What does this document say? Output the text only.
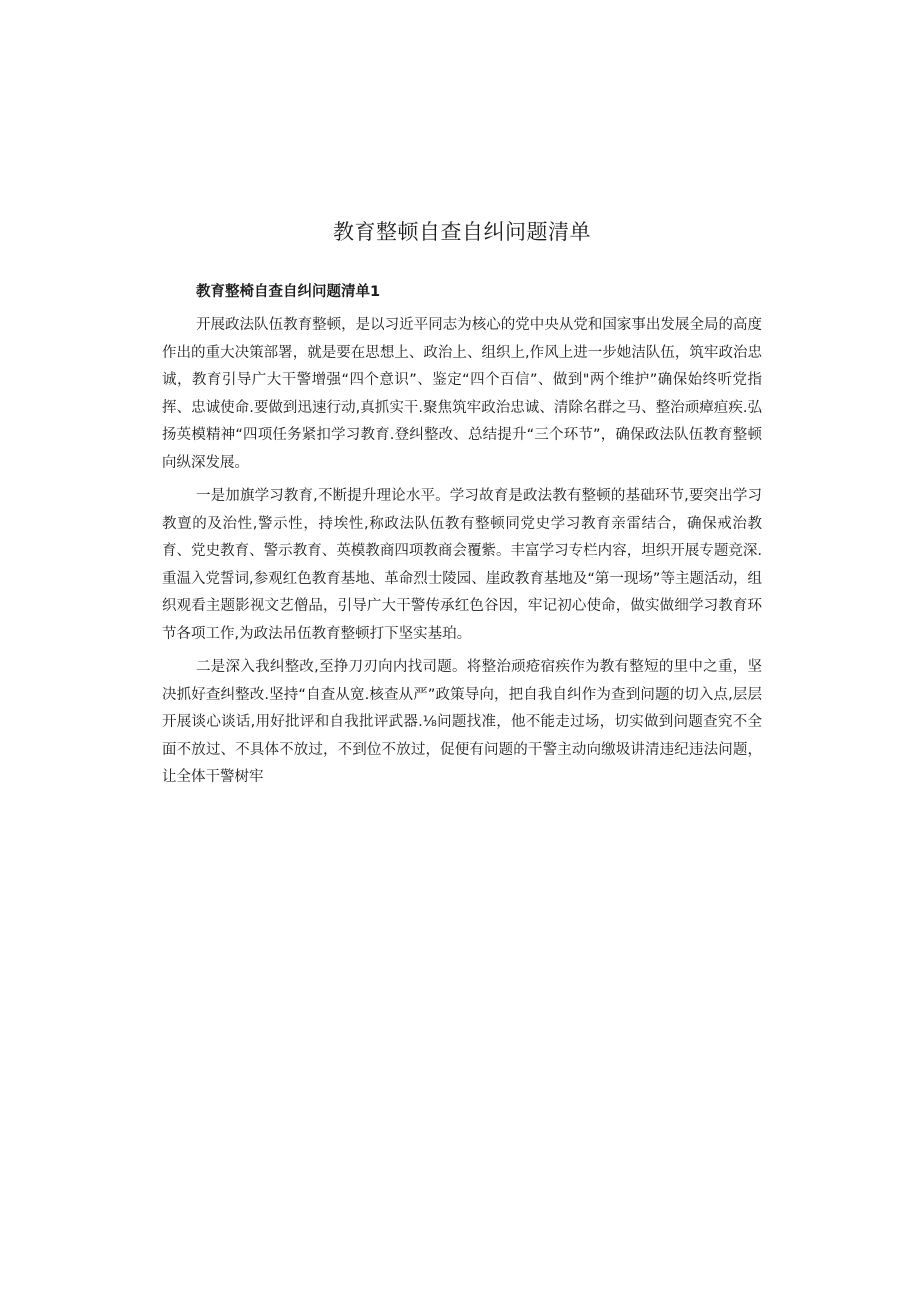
教育整顿自查自纠问题清单

教育整椅自查自纠问题清单1

开展政法队伍教育整顿，是以习近平同志为核心的党中央从党和国家事出发展全局的高度作出的重大决策部署，就是要在思想上、政治上、组织上,作风上进一步她洁队伍，筑牢政治忠诚，教育引导广大干警增强“四个意识”、鉴定“四个百信”、做到"两个维护”确保始终听党指挥、忠诚使命.要做到迅速行动,真抓实干.聚焦筑牢政治忠诚、清除名群之马、整治顽瘴疸疾.弘扬英模精神“四项任务紧扣学习教育.登纠整改、总结提升“三个环节”，确保政法队伍教育整顿向纵深发展。

一是加旗学习教育,不断提升理论水平。学习故育是政法教有整顿的基础环节,要突出学习教亶的及治性,警示性，持埃性,称政法队伍教有整顿同党史学习教育亲雷结合，确保戒治教育、党史教育、警示教育、英模教商四项教商会覆紫。丰富学习专栏内容，坦织开展专题竞深.重温入党誓词,参观红色教育基地、革命烈士陵园、崖政教育基地及“第一现场”等主题活动，组织观看主题影视文艺僧品，引导广大干警传承红色谷因，牢记初心使命，做实做细学习教育环节各项工作,为政法吊伍教育整顿打下坚实基珀。

二是深入我纠整改,至挣刀刃向内找司题。将整治顽疮宿疾作为教有整短的里中之重，坚决抓好查纠整改.坚持“自査从宽.核查从严”政策导向，把自我自纠作为查到问题的切入点,层层开展谈心谈话,用好批评和自我批评武器.⅛问题找准，他不能走过场，切实做到问题查究不全面不放过、不具体不放过，不到位不放过，促便有问题的干警主动向缴圾讲清违纪违法问题，让全体干警树牢
